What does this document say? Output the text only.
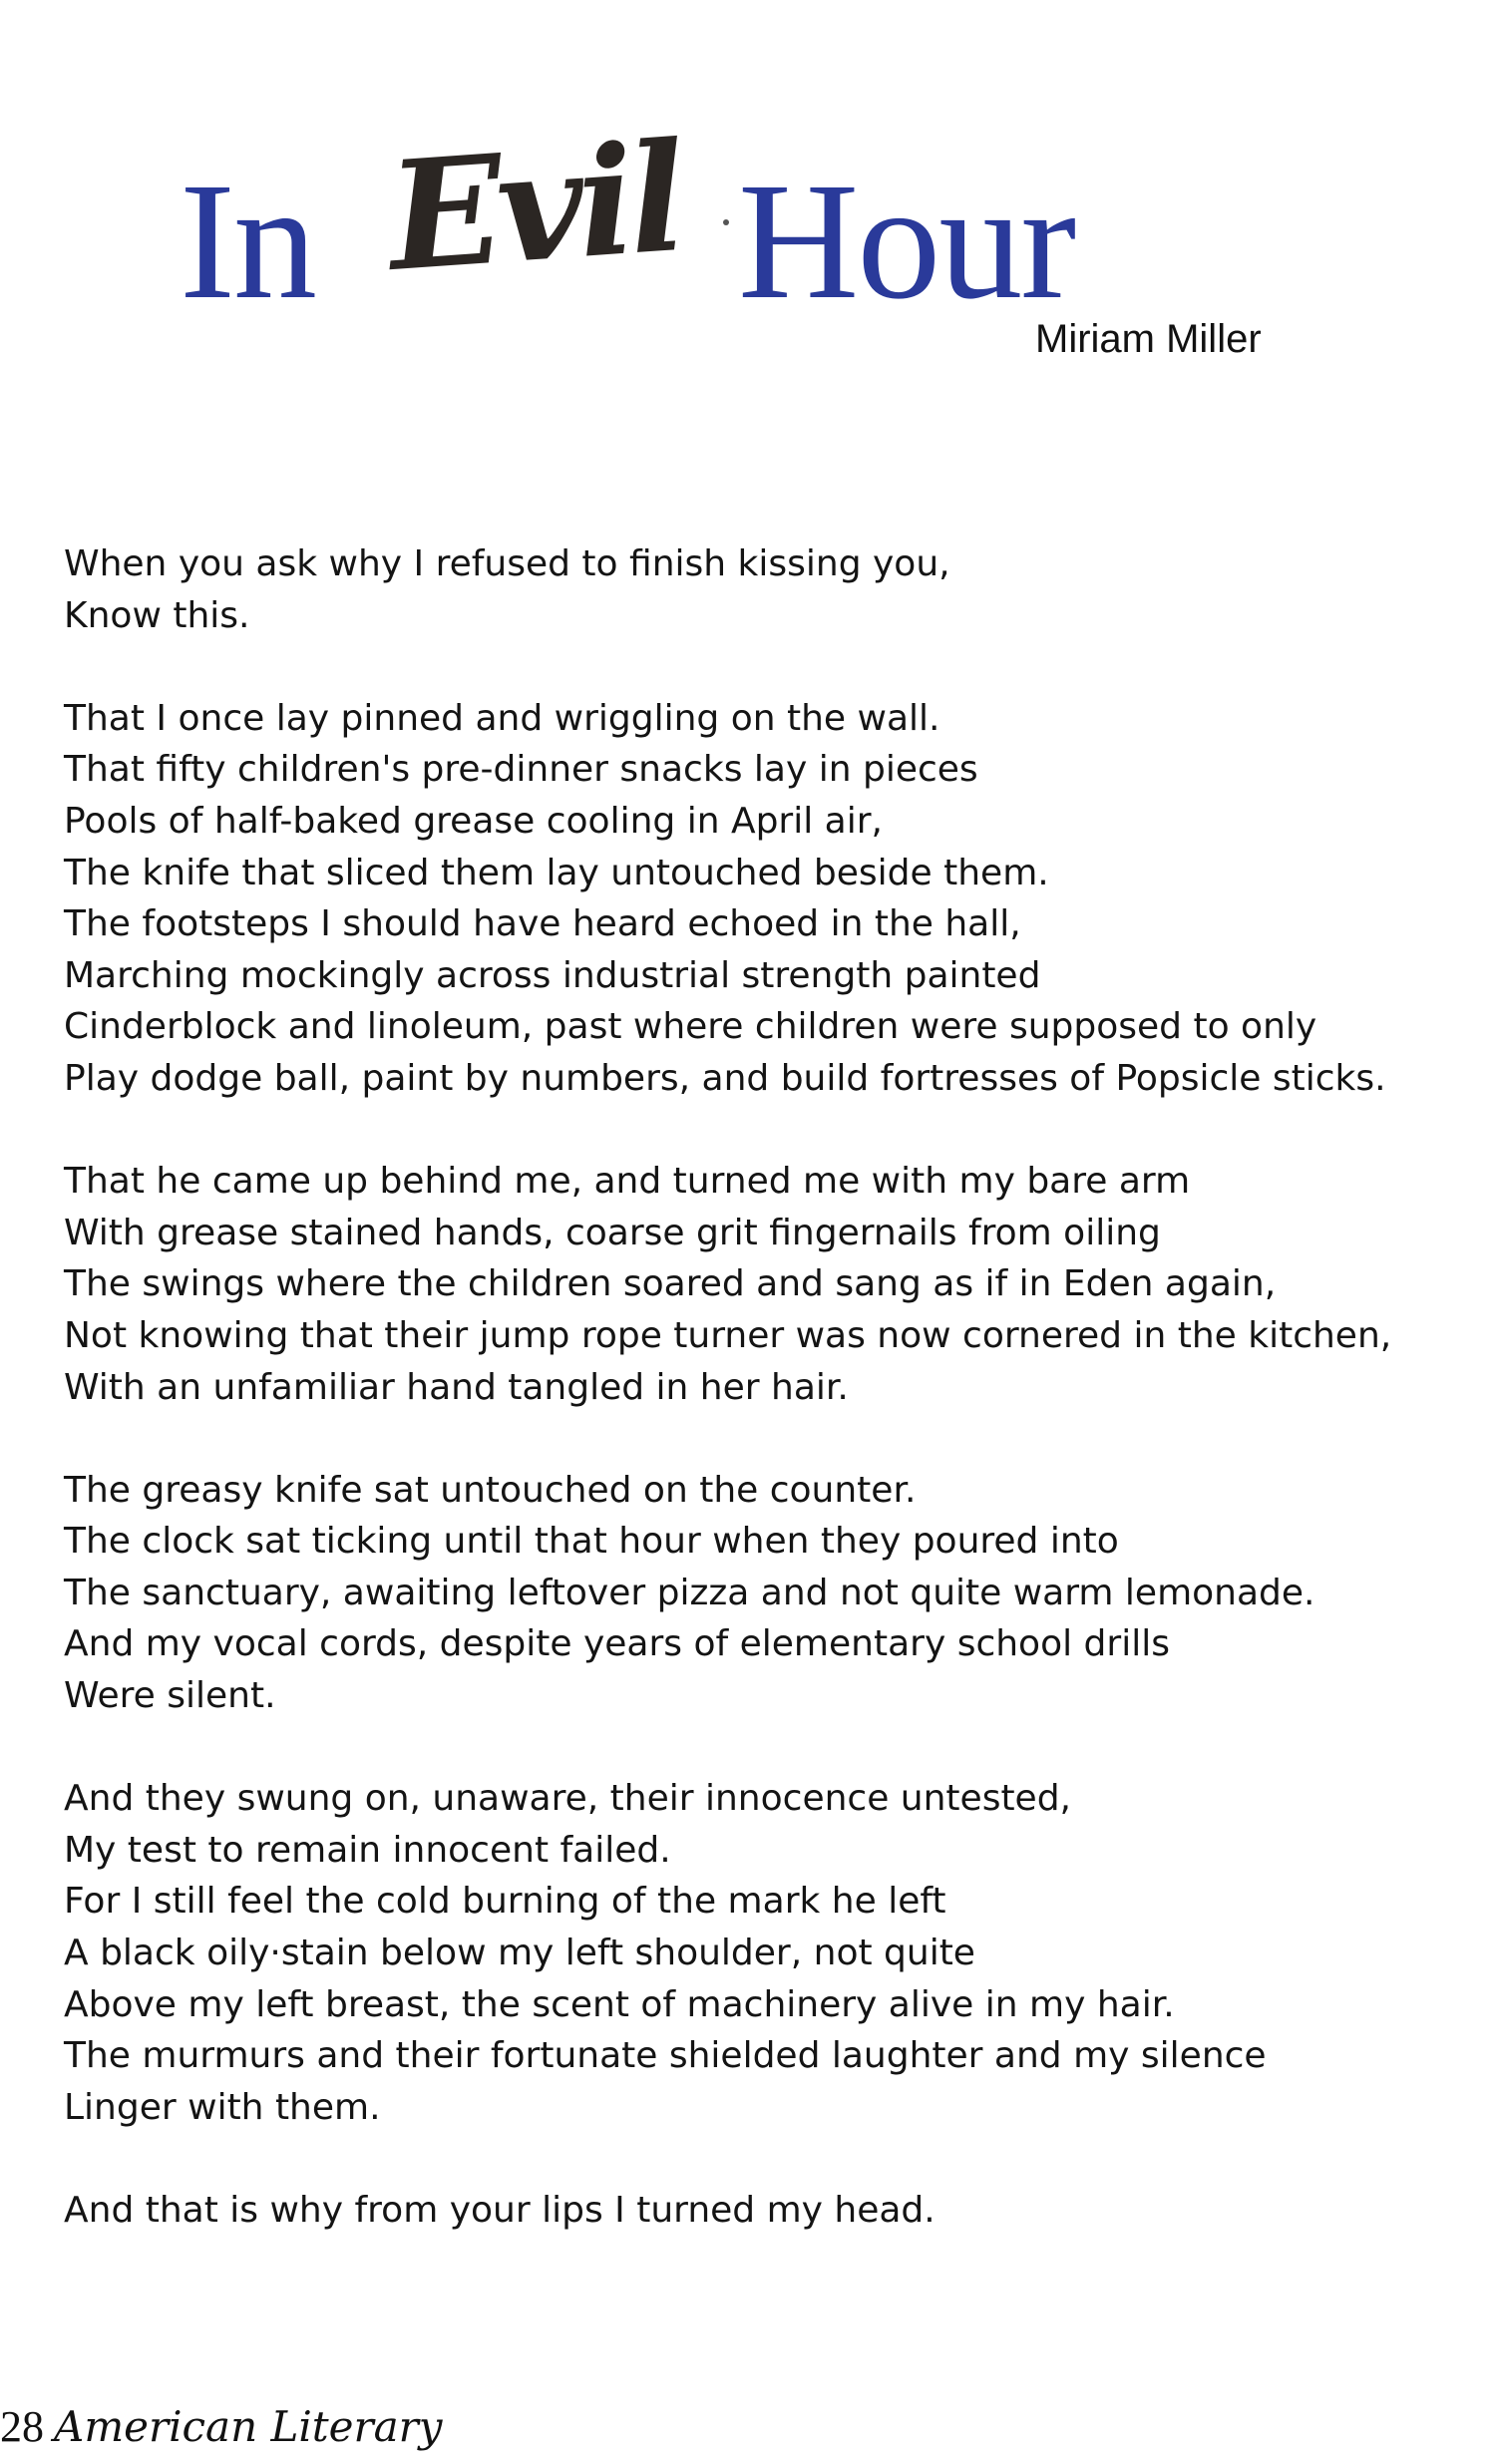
In Evil Hour
Miriam Miller
When you ask why I refused to finish kissing you,
Know this.
That I once lay pinned and wriggling on the wall.
That fifty children's pre-dinner snacks lay in pieces
Pools of half-baked grease cooling in April air,
The knife that sliced them lay untouched beside them.
The footsteps I should have heard echoed in the hall,
Marching mockingly across industrial strength painted
Cinderblock and linoleum, past where children were supposed to only
Play dodge ball, paint by numbers, and build fortresses of Popsicle sticks.
That he came up behind me, and turned me with my bare arm
With grease stained hands, coarse grit fingernails from oiling
The swings where the children soared and sang as if in Eden again,
Not knowing that their jump rope turner was now cornered in the kitchen,
With an unfamiliar hand tangled in her hair.
The greasy knife sat untouched on the counter.
The clock sat ticking until that hour when they poured into
The sanctuary, awaiting leftover pizza and not quite warm lemonade.
And my vocal cords, despite years of elementary school drills
Were silent.
And they swung on, unaware, their innocence untested,
My test to remain innocent failed.
For I still feel the cold burning of the mark he left
A black oily·stain below my left shoulder, not quite
Above my left breast, the scent of machinery alive in my hair.
The murmurs and their fortunate shielded laughter and my silence
Linger with them.
And that is why from your lips I turned my head.
28 American Literary
